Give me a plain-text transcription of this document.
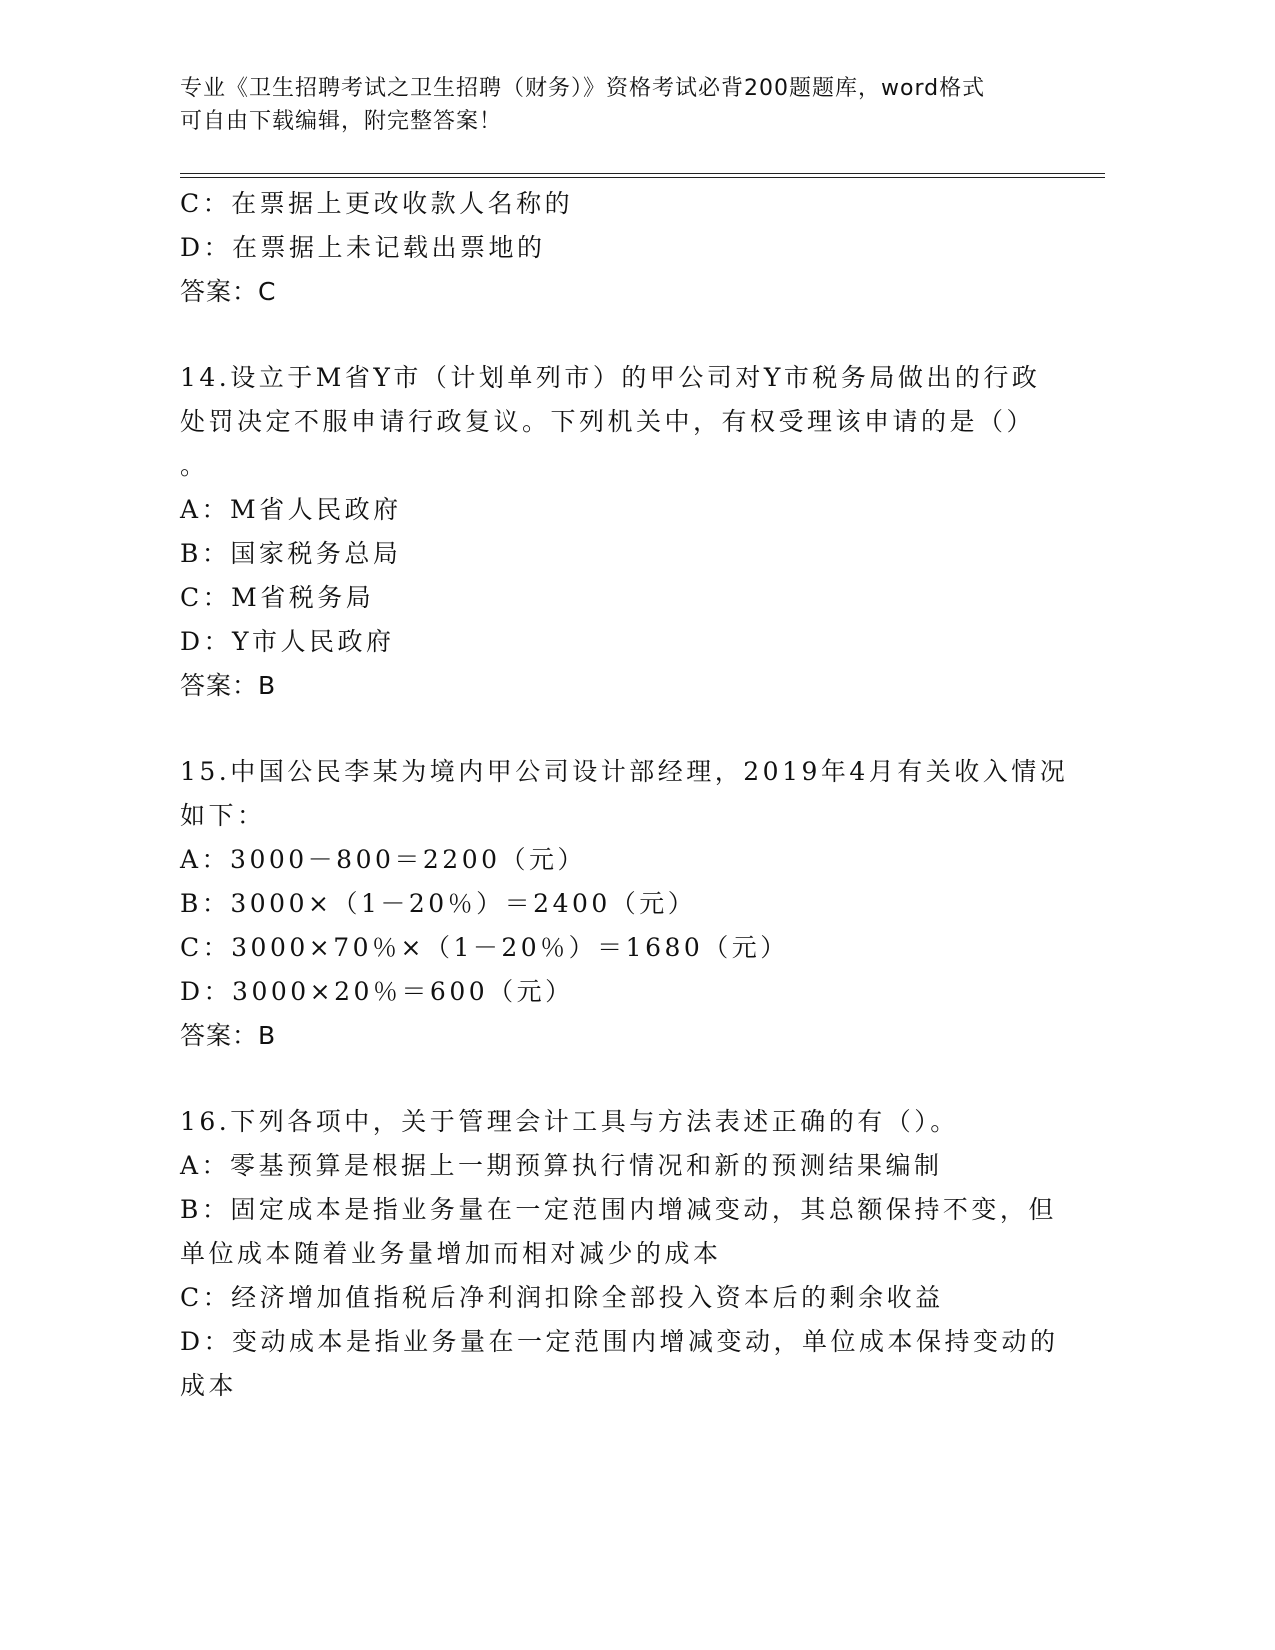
专业《卫生招聘考试之卫生招聘（财务）》资格考试必背200题题库，word格式
可自由下载编辑，附完整答案！
C：在票据上更改收款人名称的
D：在票据上未记载出票地的
答案：C
14.设立于M省Y市（计划单列市）的甲公司对Y市税务局做出的行政
处罚决定不服申请行政复议。下列机关中，有权受理该申请的是（）
。
A：M省人民政府
B：国家税务总局
C：M省税务局
D：Y市人民政府
答案：B
15.中国公民李某为境内甲公司设计部经理，2019年4月有关收入情况
如下：
A：3000－800＝2200（元）
B：3000×（1－20％）＝2400（元）
C：3000×70％×（1－20％）＝1680（元）
D：3000×20％＝600（元）
答案：B
16.下列各项中，关于管理会计工具与方法表述正确的有（）。
A：零基预算是根据上一期预算执行情况和新的预测结果编制
B：固定成本是指业务量在一定范围内增减变动，其总额保持不变，但
单位成本随着业务量增加而相对减少的成本
C：经济增加值指税后净利润扣除全部投入资本后的剩余收益
D：变动成本是指业务量在一定范围内增减变动，单位成本保持变动的
成本
